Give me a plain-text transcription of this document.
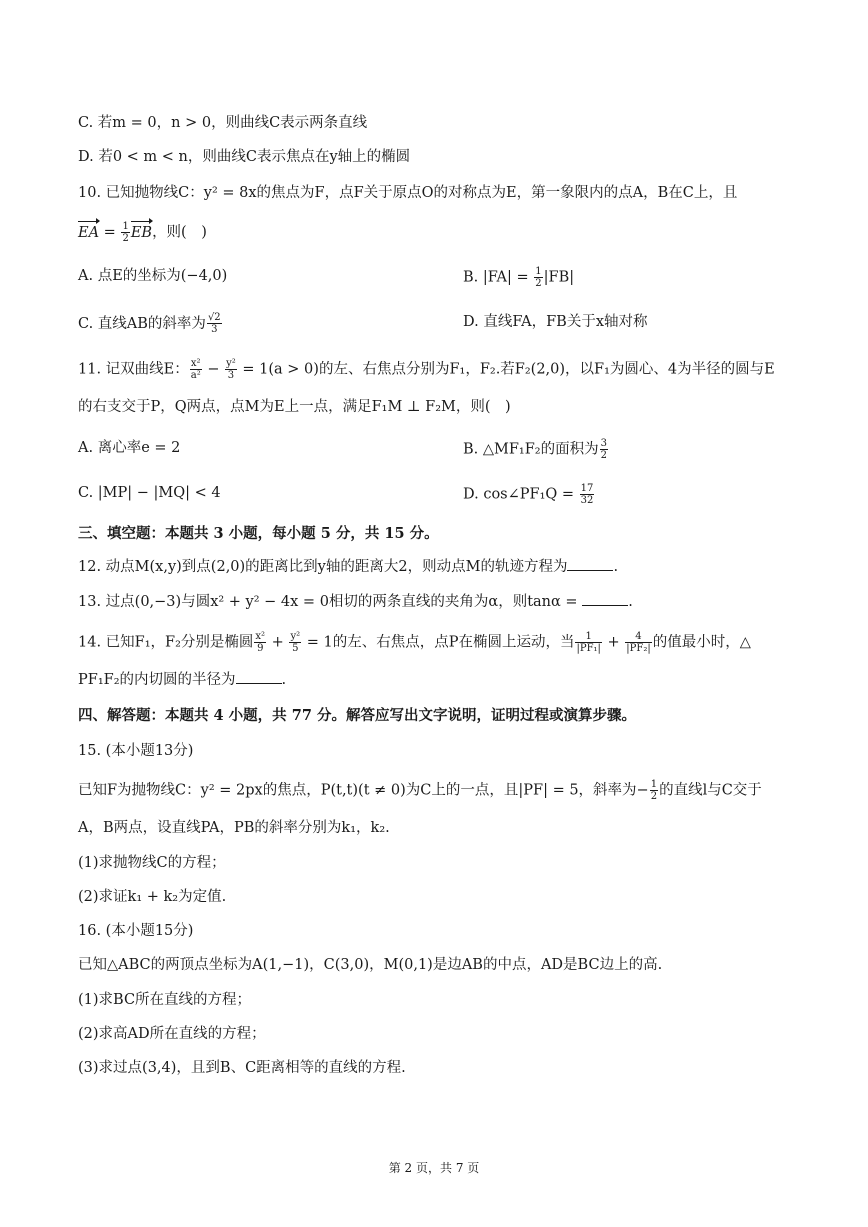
C. 若m = 0，n > 0，则曲线C表示两条直线
D. 若0 < m < n，则曲线C表示焦点在y轴上的椭圆
10. 已知抛物线C：y² = 8x的焦点为F，点F关于原点O的对称点为E，第一象限内的点A，B在C上，且
EA = $\frac{1}{2}$ EB，则(　)
A. 点E的坐标为(−4,0)	B. $|FA| = \frac{1}{2} |FB|$
C. 直线AB的斜率为 $\frac{√2}{3}$	D. 直线FA，FB关于x轴对称
11. 记双曲线E： $\frac{\text{x²}}{\text{a²}} - \frac{\text{y²}}{3} = 1(a > 0)$的左、右焦点分别为F₁，F₂.若F₂(2,0)，以F₁为圆心、4为半径的圆与E
的右支交于P，Q两点，点M为E上一点，满足F₁M ⊥ F₂M，则(　)
A. 离心率e = 2	B. △MF₁F₂的面积为 $\frac{3}{2}$
C. |MP| − |MQ| < 4	D. cos∠PF₁Q = $\frac{17}{32}$
三、填空题：本题共 3 小题，每小题 5 分，共 15 分。
12. 动点M(x,y)到点(2,0)的距离比到y轴的距离大2，则动点M的轨迹方程为	.
13. 过点(0,−3)与圆x² + y² − 4x = 0相切的两条直线的夹角为α，则tanα =	.
14. 已知F₁，F₂分别是椭圆 $\frac{\text{x²}}{9} + \frac{\text{y²}}{5} = 1$的左、右焦点，点P在椭圆上运动，当 $\frac{1}{\text{|PF₁|}} + \frac{4}{\text{|PF₂|}}$ 的值最小时，△
PF₁F₂的内切圆的半径为	.
四、解答题：本题共 4 小题，共 77 分。解答应写出文字说明，证明过程或演算步骤。
15. (本小题13分)
已知F为抛物线C：y² = 2px的焦点，P(t,t)(t ≠ 0)为C上的一点，且|PF| = 5，斜率为− $\frac{1}{2}$ 的直线l与C交于
A，B两点，设直线PA，PB的斜率分别为k₁，k₂.
(1)求抛物线C的方程；
(2)求证k₁ + k₂为定值.
16. (本小题15分)
已知△ABC的两顶点坐标为A(1,−1)，C(3,0)，M(0,1)是边AB的中点，AD是BC边上的高.
(1)求BC所在直线的方程；
(2)求高AD所在直线的方程；
(3)求过点(3,4)，且到B、C距离相等的直线的方程.
第 2 页，共 7 页
